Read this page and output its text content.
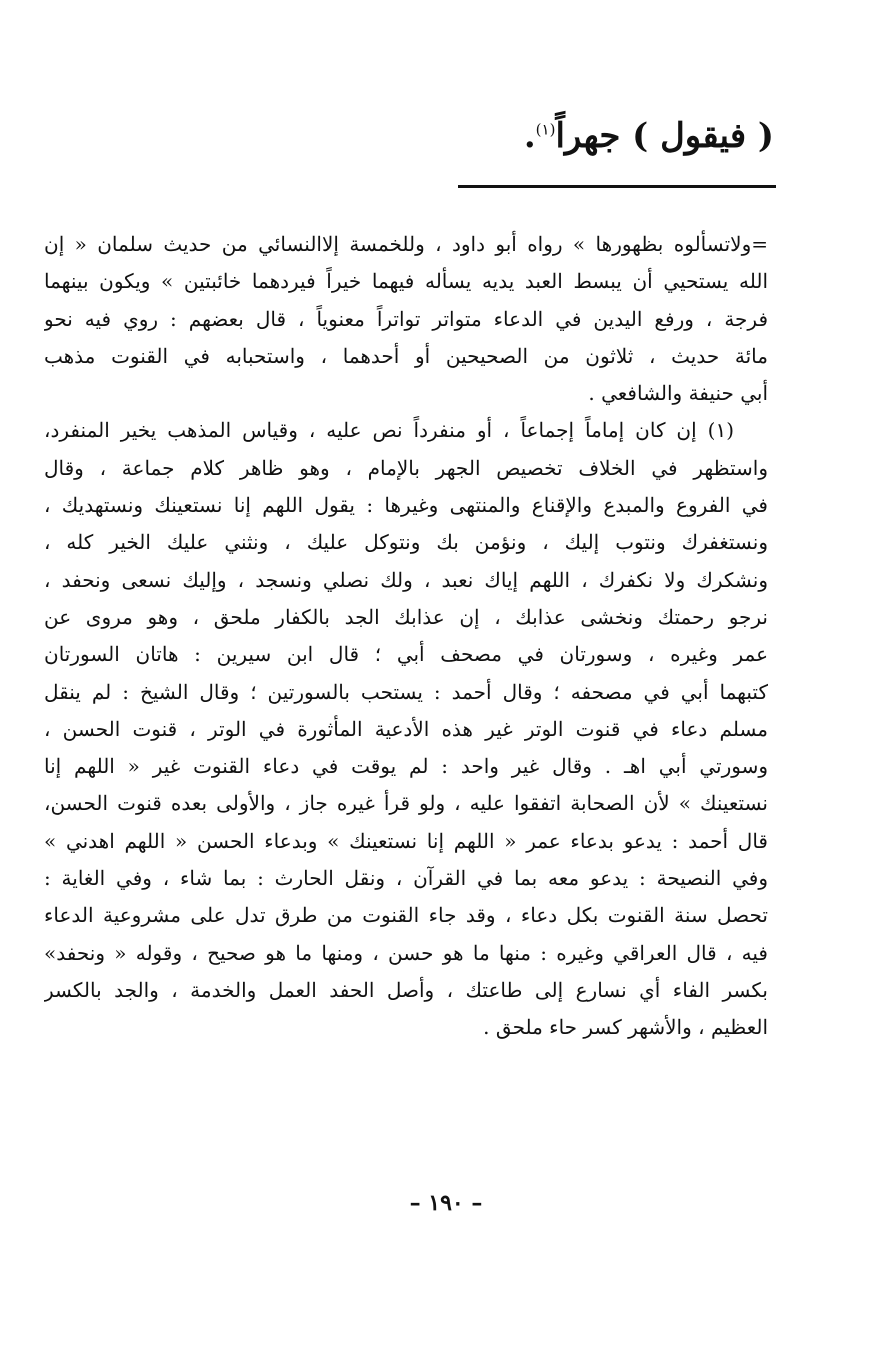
( فيقول ) جهراً$^{(١)}$.
=ولاتسألوه بظهورها » رواه أبو داود ، وللخمسة إلاالنسائي من حديث سلمان « إن
الله يستحيي أن يبسط العبد يديه يسأله فيهما خيراً فيردهما خائبتين » ويكون بينهما
فرجة ، ورفع اليدين في الدعاء متواتر تواتراً معنوياً ، قال بعضهم : روي فيه نحو
مائة حديث ، ثلاثون من الصحيحين أو أحدهما ، واستحبابه في القنوت مذهب
أبي حنيفة والشافعي .
(١) إن كان إماماً إجماعاً ، أو منفرداً نص عليه ، وقياس المذهب يخير المنفرد،
واستظهر في الخلاف تخصيص الجهر بالإمام ، وهو ظاهر كلام جماعة ، وقال
في الفروع والمبدع والإقناع والمنتهى وغيرها : يقول اللهم إنا نستعينك ونستهديك ،
ونستغفرك ونتوب إليك ، ونؤمن بك ونتوكل عليك ، ونثني عليك الخير كله ،
ونشكرك ولا نكفرك ، اللهم إياك نعبد ، ولك نصلي ونسجد ، وإليك نسعى ونحفد ،
نرجو رحمتك ونخشى عذابك ، إن عذابك الجد بالكفار ملحق ، وهو مروى عن
عمر وغيره ، وسورتان في مصحف أبي ؛ قال ابن سيرين : هاتان السورتان
كتبهما أبي في مصحفه ؛ وقال أحمد : يستحب بالسورتين ؛ وقال الشيخ : لم ينقل
مسلم دعاء في قنوت الوتر غير هذه الأدعية المأثورة في الوتر ، قنوت الحسن ،
وسورتي أبي اهـ . وقال غير واحد : لم يوقت في دعاء القنوت غير « اللهم إنا
نستعينك » لأن الصحابة اتفقوا عليه ، ولو قرأ غيره جاز ، والأولى بعده قنوت الحسن،
قال أحمد : يدعو بدعاء عمر « اللهم إنا نستعينك » وبدعاء الحسن « اللهم اهدني »
وفي النصيحة : يدعو معه بما في القرآن ، ونقل الحارث : بما شاء ، وفي الغاية :
تحصل سنة القنوت بكل دعاء ، وقد جاء القنوت من طرق تدل على مشروعية الدعاء
فيه ، قال العراقي وغيره : منها ما هو حسن ، ومنها ما هو صحيح ، وقوله « ونحفد»
بكسر الفاء أي نسارع إلى طاعتك ، وأصل الحفد العمل والخدمة ، والجد بالكسر
العظيم ، والأشهر كسر حاء ملحق .
– ١٩٠ –
